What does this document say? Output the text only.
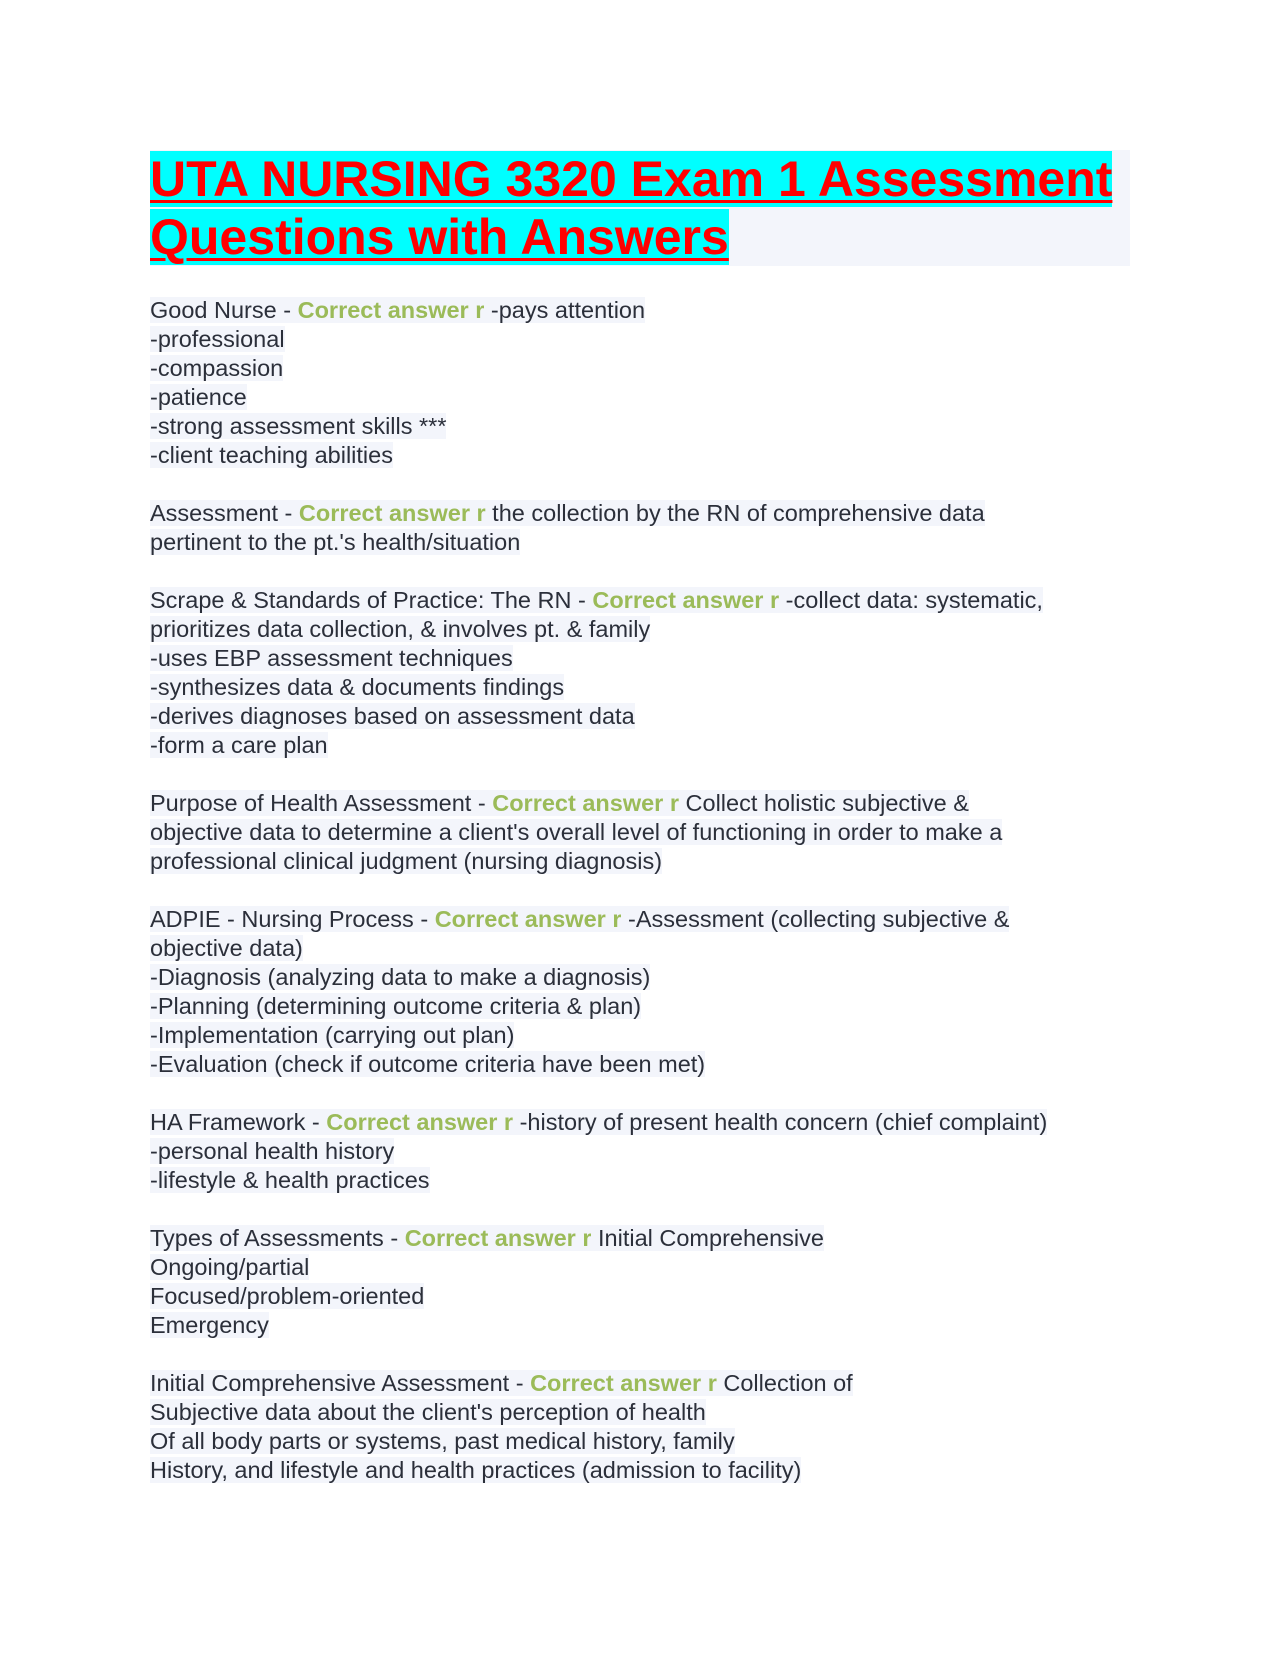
UTA NURSING 3320 Exam 1 Assessment
Questions with Answers
Good Nurse - Correct answer r -pays attention
-professional
-compassion
-patience
-strong assessment skills ***
-client teaching abilities
Assessment - Correct answer r the collection by the RN of comprehensive data
pertinent to the pt.'s health/situation
Scrape & Standards of Practice: The RN - Correct answer r -collect data: systematic,
prioritizes data collection, & involves pt. & family
-uses EBP assessment techniques
-synthesizes data & documents findings
-derives diagnoses based on assessment data
-form a care plan
Purpose of Health Assessment - Correct answer r Collect holistic subjective &
objective data to determine a client's overall level of functioning in order to make a
professional clinical judgment (nursing diagnosis)
ADPIE - Nursing Process - Correct answer r -Assessment (collecting subjective &
objective data)
-Diagnosis (analyzing data to make a diagnosis)
-Planning (determining outcome criteria & plan)
-Implementation (carrying out plan)
-Evaluation (check if outcome criteria have been met)
HA Framework - Correct answer r -history of present health concern (chief complaint)
-personal health history
-lifestyle & health practices
Types of Assessments - Correct answer r Initial Comprehensive
Ongoing/partial
Focused/problem-oriented
Emergency
Initial Comprehensive Assessment - Correct answer r Collection of
Subjective data about the client's perception of health
Of all body parts or systems, past medical history, family
History, and lifestyle and health practices (admission to facility)
